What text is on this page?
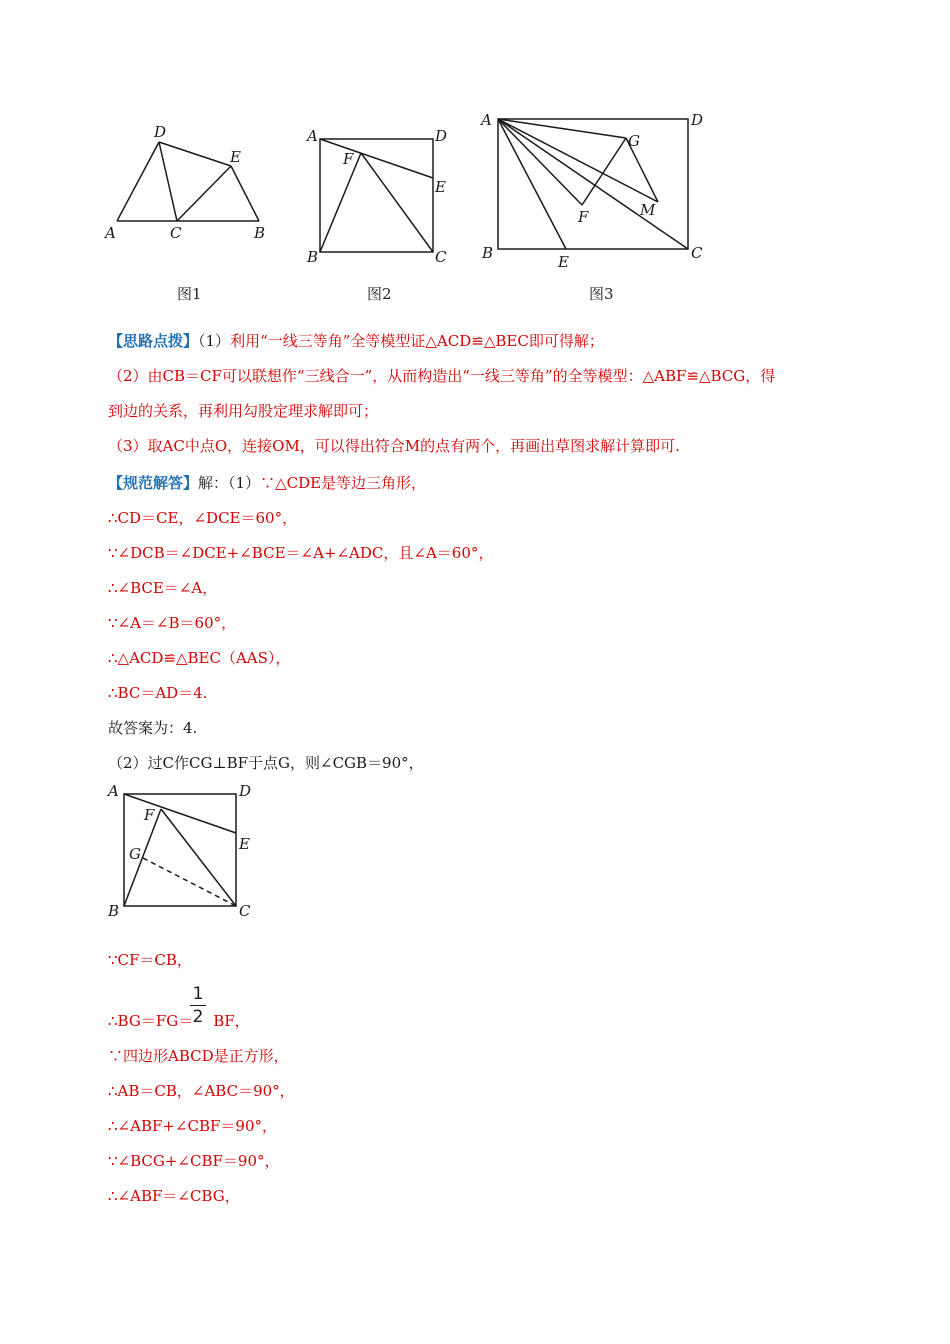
A	C	B
D
E
图1
A	D
F
E
B	C
图2
A	D
G
F	M
B	E	C
图3
【思路点拨】（1）利用“一线三等角”全等模型证△ACD≌△BEC即可得解；
（2）由CB＝CF可以联想作“三线合一”，从而构造出“一线三等角”的全等模型：△ABF≌△BCG，得
到边的关系，再利用勾股定理求解即可；
（3）取AC中点O，连接OM，可以得出符合M的点有两个，再画出草图求解计算即可.
【规范解答】解：（1）∵△CDE是等边三角形，
∴CD＝CE，∠DCE＝60°，
∵∠DCB＝∠DCE+∠BCE＝∠A+∠ADC，且∠A＝60°，
∴∠BCE＝∠A，
∵∠A＝∠B＝60°，
∴△ACD≌△BEC（AAS），
∴BC＝AD＝4.
故答案为：4.
（2）过C作CG⊥BF于点G，则∠CGB＝90°，
A	D
F
G
E
B	C
∵CF＝CB，
1
2
∴BG＝FG＝ BF，
∵四边形ABCD是正方形，
∴AB＝CB，∠ABC＝90°，
∴∠ABF+∠CBF＝90°，
∵∠BCG+∠CBF＝90°，
∴∠ABF＝∠CBG，
